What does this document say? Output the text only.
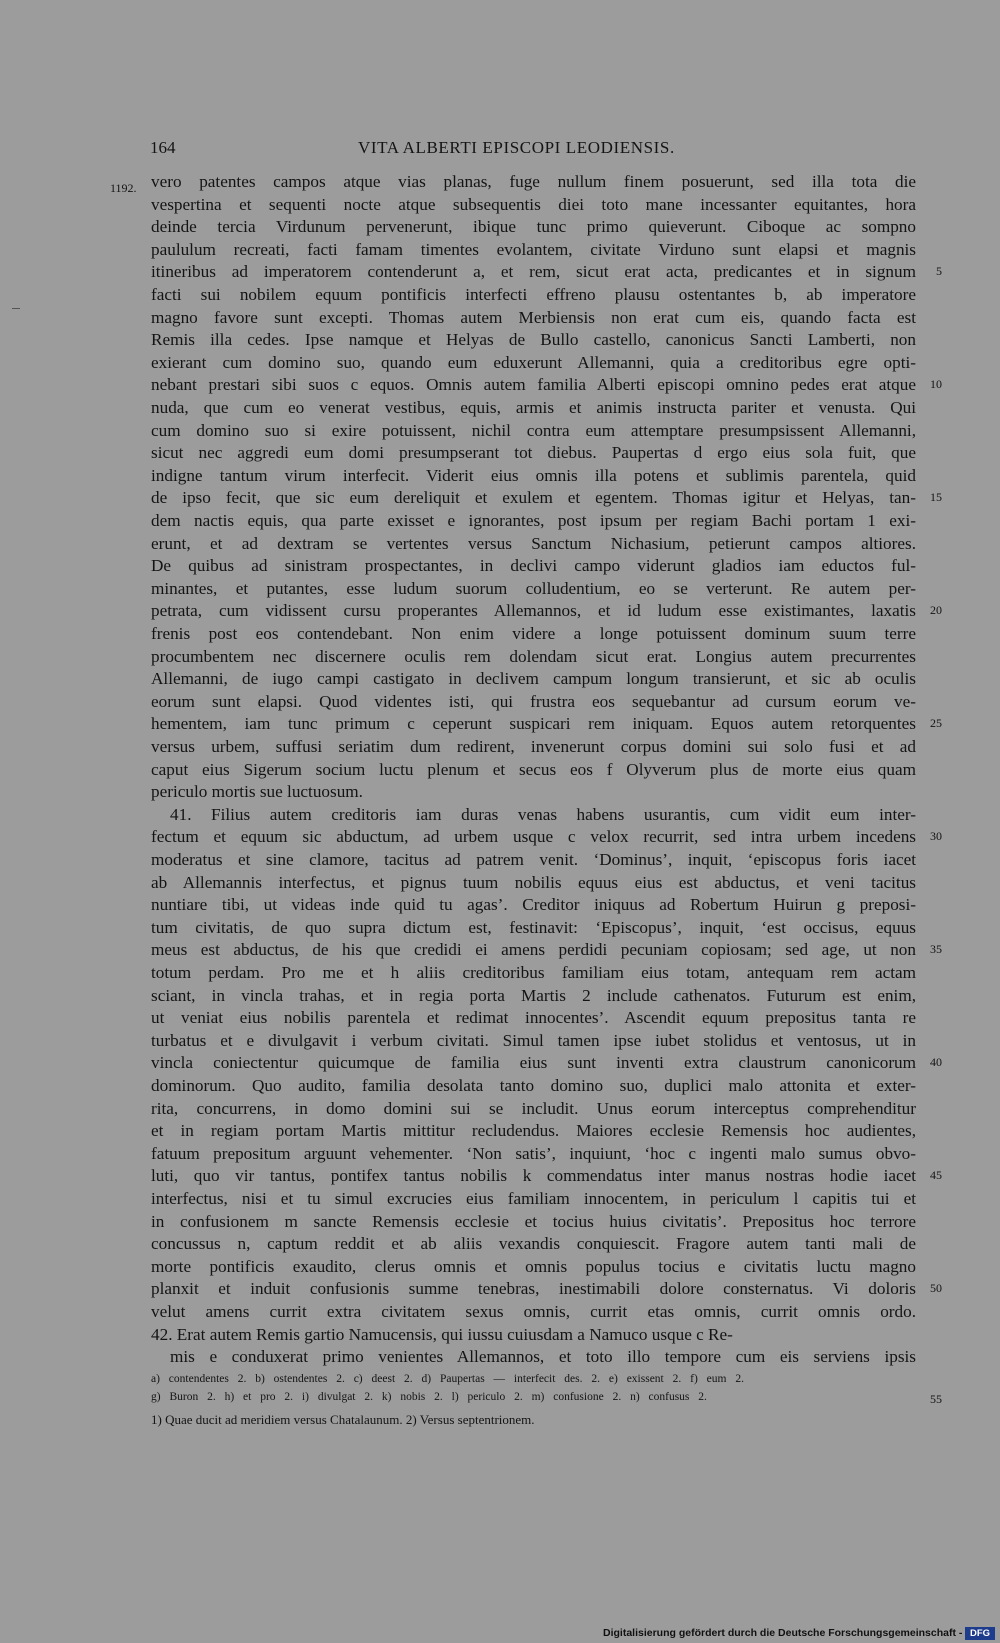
164	VITA ALBERTI EPISCOPI LEODIENSIS.
1192. vero patentes campos atque vias planas, fuge nullum finem posuerunt, sed illa tota die
vespertina et sequenti nocte atque subsequentis diei toto mane incessanter equitantes, hora
deinde tercia Virdunum pervenerunt, ibique tunc primo quieverunt. Ciboque ac sompno
paululum recreati, facti famam timentes evolantem, civitate Virduno sunt elapsi et magnis
itineribus ad imperatorem contenderunt a, et rem, sicut erat acta, predicantes et in signum
facti sui nobilem equum pontificis interfecti effreno plausu ostentantes b, ab imperatore
magno favore sunt excepti. Thomas autem Merbiensis non erat cum eis, quando facta est
Remis illa cedes. Ipse namque et Helyas de Bullo castello, canonicus Sancti Lamberti, non
exierant cum domino suo, quando eum eduxerunt Allemanni, quia a creditoribus egre opti-
nebant prestari sibi suos c equos. Omnis autem familia Alberti episcopi omnino pedes erat atque
nuda, que cum eo venerat vestibus, equis, armis et animis instructa pariter et venusta. Qui
cum domino suo si exire potuissent, nichil contra eum attemptare presumpsissent Allemanni,
sicut nec aggredi eum domi presumpserant tot diebus. Paupertas d ergo eius sola fuit, que
indigne tantum virum interfecit. Viderit eius omnis illa potens et sublimis parentela, quid
de ipso fecit, que sic eum dereliquit et exulem et egentem. Thomas igitur et Helyas, tan-
dem nactis equis, qua parte exisset e ignorantes, post ipsum per regiam Bachi portam 1 exi-
erunt, et ad dextram se vertentes versus Sanctum Nichasium, petierunt campos altiores.
De quibus ad sinistram prospectantes, in declivi campo viderunt gladios iam eductos ful-
minantes, et putantes, esse ludum suorum colludentium, eo se verterunt. Re autem per-
petrata, cum vidissent cursu properantes Allemannos, et id ludum esse existimantes, laxatis
frenis post eos contendebant. Non enim videre a longe potuissent dominum suum terre
procumbentem nec discernere oculis rem dolendam sicut erat. Longius autem precurrentes
Allemanni, de iugo campi castigato in declivem campum longum transierunt, et sic ab oculis
eorum sunt elapsi. Quod videntes isti, qui frustra eos sequebantur ad cursum eorum ve-
hementem, iam tunc primum c ceperunt suspicari rem iniquam. Equos autem retorquentes
versus urbem, suffusi seriatim dum redirent, invenerunt corpus domini sui solo fusi et ad
caput eius Sigerum socium luctu plenum et secus eos f Olyverum plus de morte eius quam
periculo mortis sue luctuosum.
41. Filius autem creditoris iam duras venas habens usurantis, cum vidit eum inter-
fectum et equum sic abductum, ad urbem usque c velox recurrit, sed intra urbem incedens
moderatus et sine clamore, tacitus ad patrem venit. ‘Dominus’, inquit, ‘episcopus foris iacet
ab Allemannis interfectus, et pignus tuum nobilis equus eius est abductus, et veni tacitus
nuntiare tibi, ut videas inde quid tu agas’. Creditor iniquus ad Robertum Huirun g preposi-
tum civitatis, de quo supra dictum est, festinavit: ‘Episcopus’, inquit, ‘est occisus, equus
meus est abductus, de his que credidi ei amens perdidi pecuniam copiosam; sed age, ut non
totum perdam. Pro me et h aliis creditoribus familiam eius totam, antequam rem actam
sciant, in vincla trahas, et in regia porta Martis 2 include cathenatos. Futurum est enim,
ut veniat eius nobilis parentela et redimat innocentes’. Ascendit equum prepositus tanta re
turbatus et e divulgavit i verbum civitati. Simul tamen ipse iubet stolidus et ventosus, ut in
vincla coniectentur quicumque de familia eius sunt inventi extra claustrum canonicorum
dominorum. Quo audito, familia desolata tanto domino suo, duplici malo attonita et exter-
rita, concurrens, in domo domini sui se includit. Unus eorum interceptus comprehenditur
et in regiam portam Martis mittitur recludendus. Maiores ecclesie Remensis hoc audientes,
fatuum prepositum arguunt vehementer. ‘Non satis’, inquiunt, ‘hoc c ingenti malo sumus obvo-
luti, quo vir tantus, pontifex tantus nobilis k commendatus inter manus nostras hodie iacet
interfectus, nisi et tu simul excrucies eius familiam innocentem, in periculum l capitis tui et
in confusionem m sancte Remensis ecclesie et tocius huius civitatis’. Prepositus hoc terrore
concussus n, captum reddit et ab aliis vexandis conquiescit. Fragore autem tanti mali de
morte pontificis exaudito, clerus omnis et omnis populus tocius e civitatis luctu magno
planxit et induit confusionis summe tenebras, inestimabili dolore consternatus. Vi doloris
velut amens currit extra civitatem sexus omnis, currit etas omnis, currit omnis ordo.
42. Erat autem Remis gartio Namucensis, qui iussu cuiusdam a Namuco usque c Re-
mis e conduxerat primo venientes Allemannos, et toto illo tempore cum eis serviens ipsis
5
10
15
20
25
30
35
40
45
50
55
a) contendentes 2. b) ostendentes 2. c) deest 2. d) Paupertas — interfecit des. 2. e) exissent 2. f) eum 2.
g) Buron 2. h) et pro 2. i) divulgat 2. k) nobis 2. l) periculo 2. m) confusione 2. n) confusus 2.
1) Quae ducit ad meridiem versus Chatalaunum. 2) Versus septentrionem.
Digitalisierung gefördert durch die Deutsche Forschungsgemeinschaft - DFG
